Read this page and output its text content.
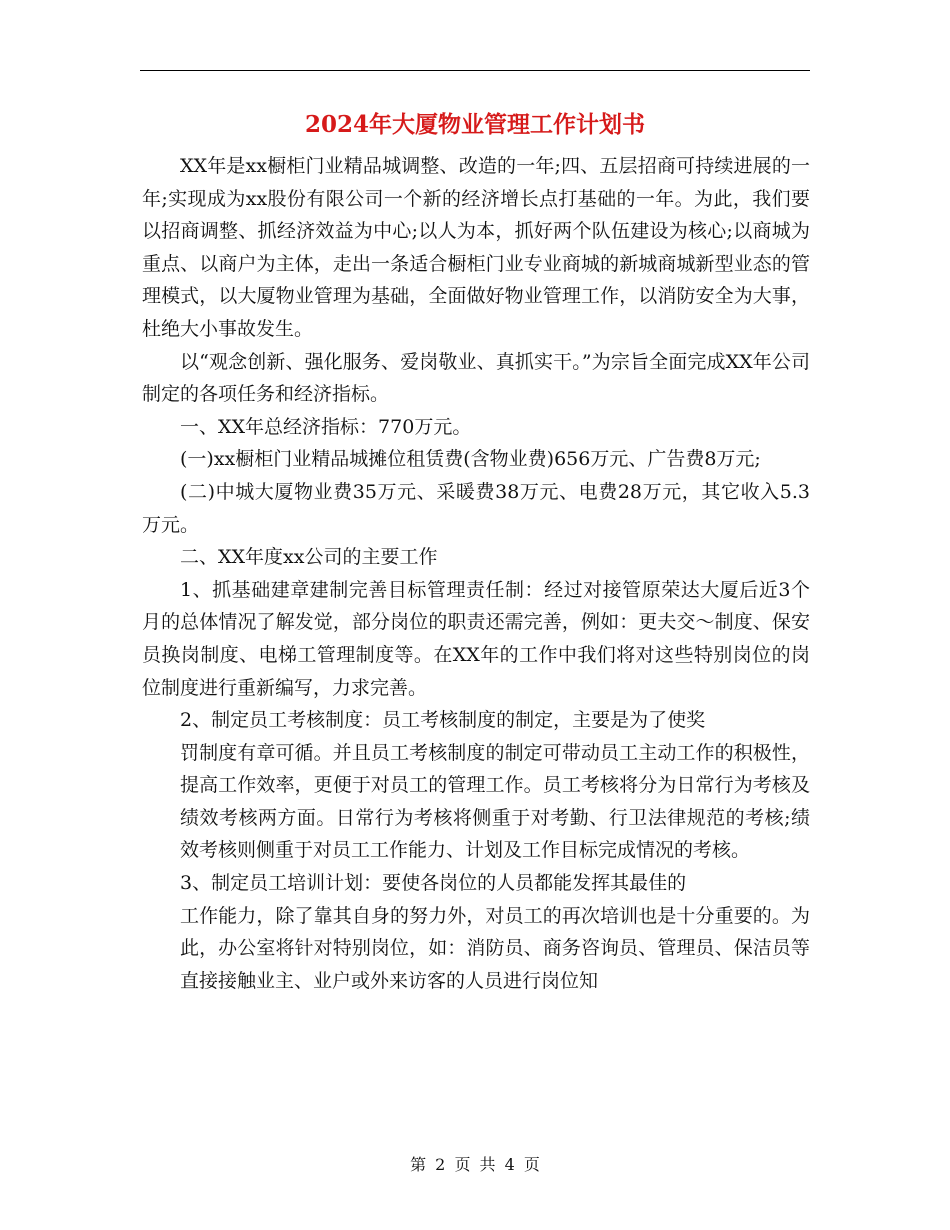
2024年大厦物业管理工作计划书

XX年是xx橱柜门业精品城调整、改造的一年;四、五层招商可持续进展的一年;实现成为xx股份有限公司一个新的经济增长点打基础的一年。为此，我们要以招商调整、抓经济效益为中心;以人为本，抓好两个队伍建设为核心;以商城为重点、以商户为主体，走出一条适合橱柜门业专业商城的新城商城新型业态的管理模式，以大厦物业管理为基础，全面做好物业管理工作，以消防安全为大事，杜绝大小事故发生。

以“观念创新、强化服务、爱岗敬业、真抓实干。”为宗旨全面完成XX年公司制定的各项任务和经济指标。

一、XX年总经济指标：770万元。

(一)xx橱柜门业精品城摊位租赁费(含物业费)656万元、广告费8万元;

(二)中城大厦物业费35万元、采暖费38万元、电费28万元，其它收入5.3万元。

二、XX年度xx公司的主要工作

1、抓基础建章建制完善目标管理责任制：经过对接管原荣达大厦后近3个月的总体情况了解发觉，部分岗位的职责还需完善，例如：更夫交～制度、保安员换岗制度、电梯工管理制度等。在XX年的工作中我们将对这些特别岗位的岗位制度进行重新编写，力求完善。

2、制定员工考核制度：员工考核制度的制定，主要是为了使奖

罚制度有章可循。并且员工考核制度的制定可带动员工主动工作的积极性，提高工作效率，更便于对员工的管理工作。员工考核将分为日常行为考核及绩效考核两方面。日常行为考核将侧重于对考勤、行卫法律规范的考核;绩效考核则侧重于对员工工作能力、计划及工作目标完成情况的考核。

3、制定员工培训计划：要使各岗位的人员都能发挥其最佳的

工作能力，除了靠其自身的努力外，对员工的再次培训也是十分重要的。为此，办公室将针对特别岗位，如：消防员、商务咨询员、管理员、保洁员等直接接触业主、业户或外来访客的人员进行岗位知

第 2 页 共 4 页
